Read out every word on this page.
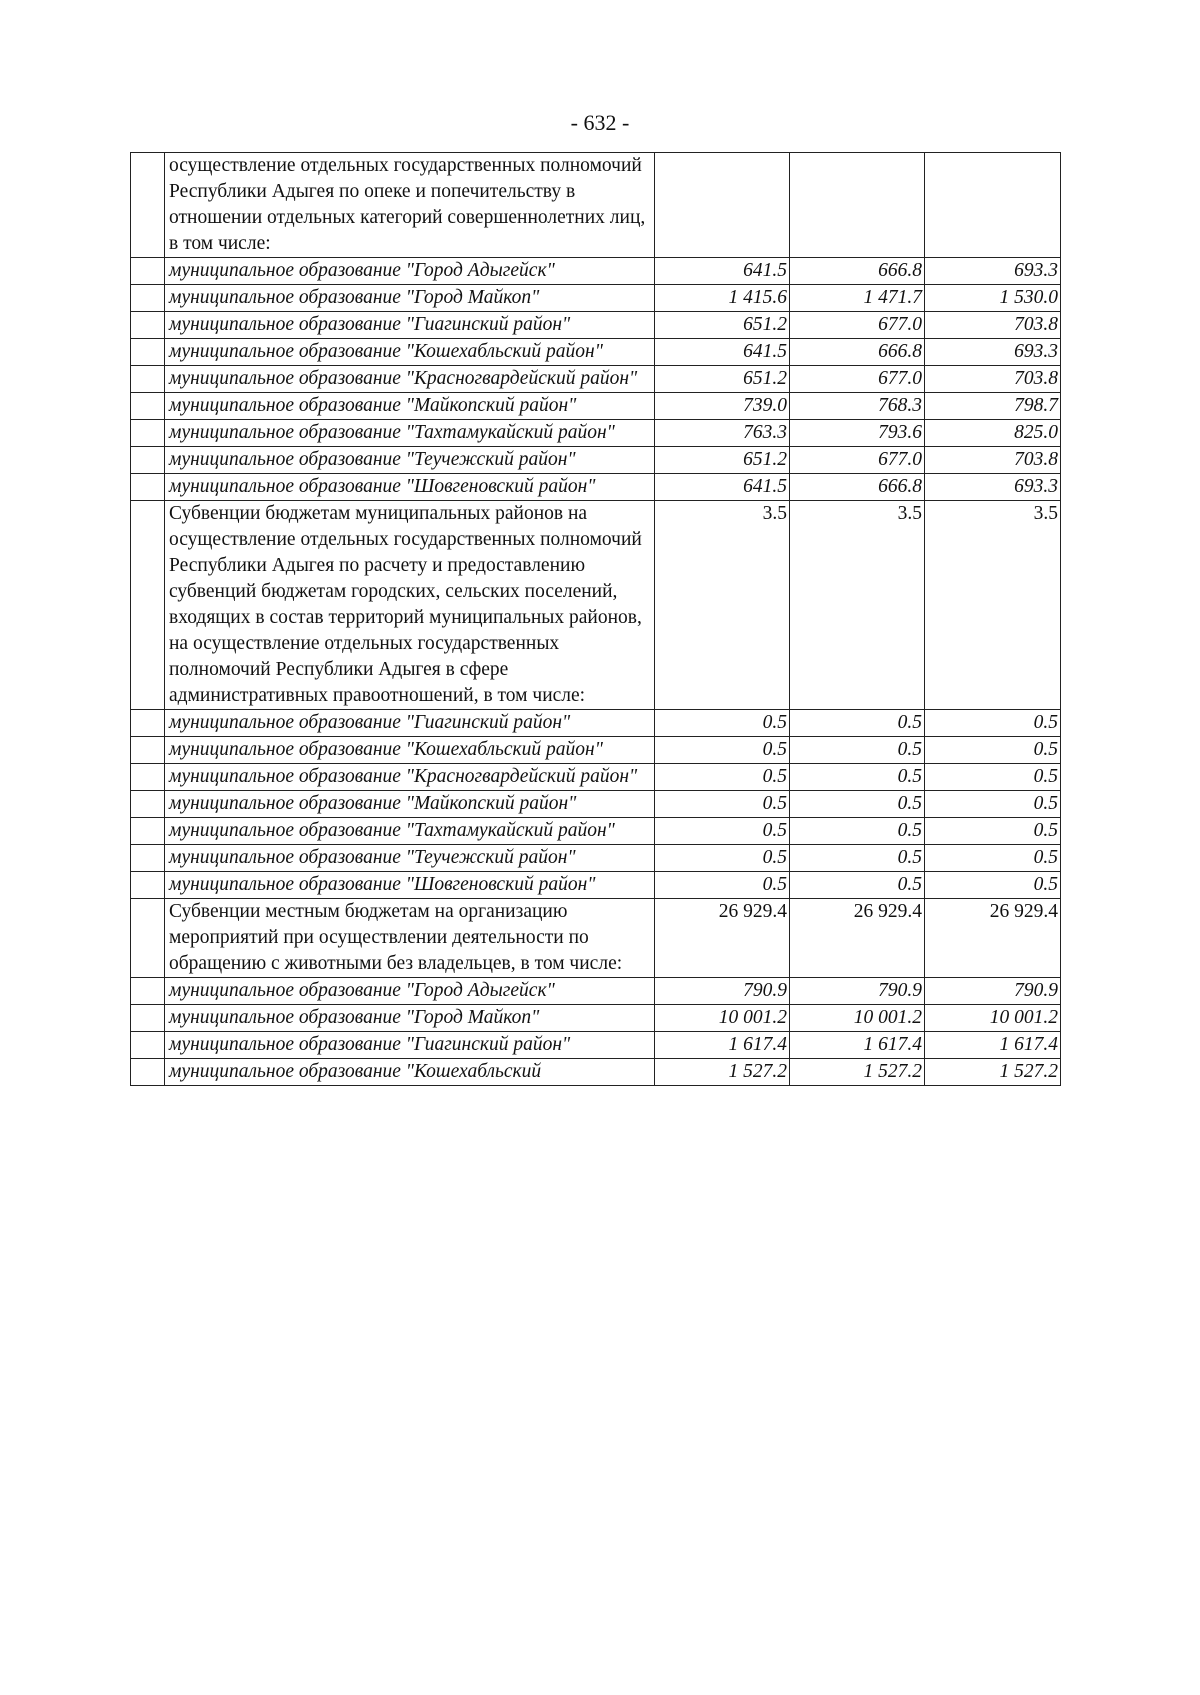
- 632 -
	осуществление отдельных государственных полномочий Республики Адыгея по опеке и попечительству в отношении отдельных категорий совершеннолетних лиц, в том числе:			
	муниципальное образование "Город Адыгейск"	641.5	666.8	693.3
	муниципальное образование "Город Майкоп"	1 415.6	1 471.7	1 530.0
	муниципальное образование "Гиагинский район"	651.2	677.0	703.8
	муниципальное образование "Кошехабльский район"	641.5	666.8	693.3
	муниципальное образование "Красногвардейский район"	651.2	677.0	703.8
	муниципальное образование "Майкопский район"	739.0	768.3	798.7
	муниципальное образование "Тахтамукайский район"	763.3	793.6	825.0
	муниципальное образование "Теучежский район"	651.2	677.0	703.8
	муниципальное образование "Шовгеновский район"	641.5	666.8	693.3
	Субвенции бюджетам муниципальных районов на осуществление отдельных государственных полномочий Республики Адыгея по расчету и предоставлению субвенций бюджетам городских, сельских поселений, входящих в состав территорий муниципальных районов, на осуществление отдельных государственных полномочий Республики Адыгея в сфере административных правоотношений, в том числе:	3.5	3.5	3.5
	муниципальное образование "Гиагинский район"	0.5	0.5	0.5
	муниципальное образование "Кошехабльский район"	0.5	0.5	0.5
	муниципальное образование "Красногвардейский район"	0.5	0.5	0.5
	муниципальное образование "Майкопский район"	0.5	0.5	0.5
	муниципальное образование "Тахтамукайский район"	0.5	0.5	0.5
	муниципальное образование "Теучежский район"	0.5	0.5	0.5
	муниципальное образование "Шовгеновский район"	0.5	0.5	0.5
	Субвенции местным бюджетам на организацию мероприятий при осуществлении деятельности по обращению с животными без владельцев, в том числе:	26 929.4	26 929.4	26 929.4
	муниципальное образование "Город Адыгейск"	790.9	790.9	790.9
	муниципальное образование "Город Майкоп"	10 001.2	10 001.2	10 001.2
	муниципальное образование "Гиагинский район"	1 617.4	1 617.4	1 617.4
	муниципальное образование "Кошехабльский	1 527.2	1 527.2	1 527.2
